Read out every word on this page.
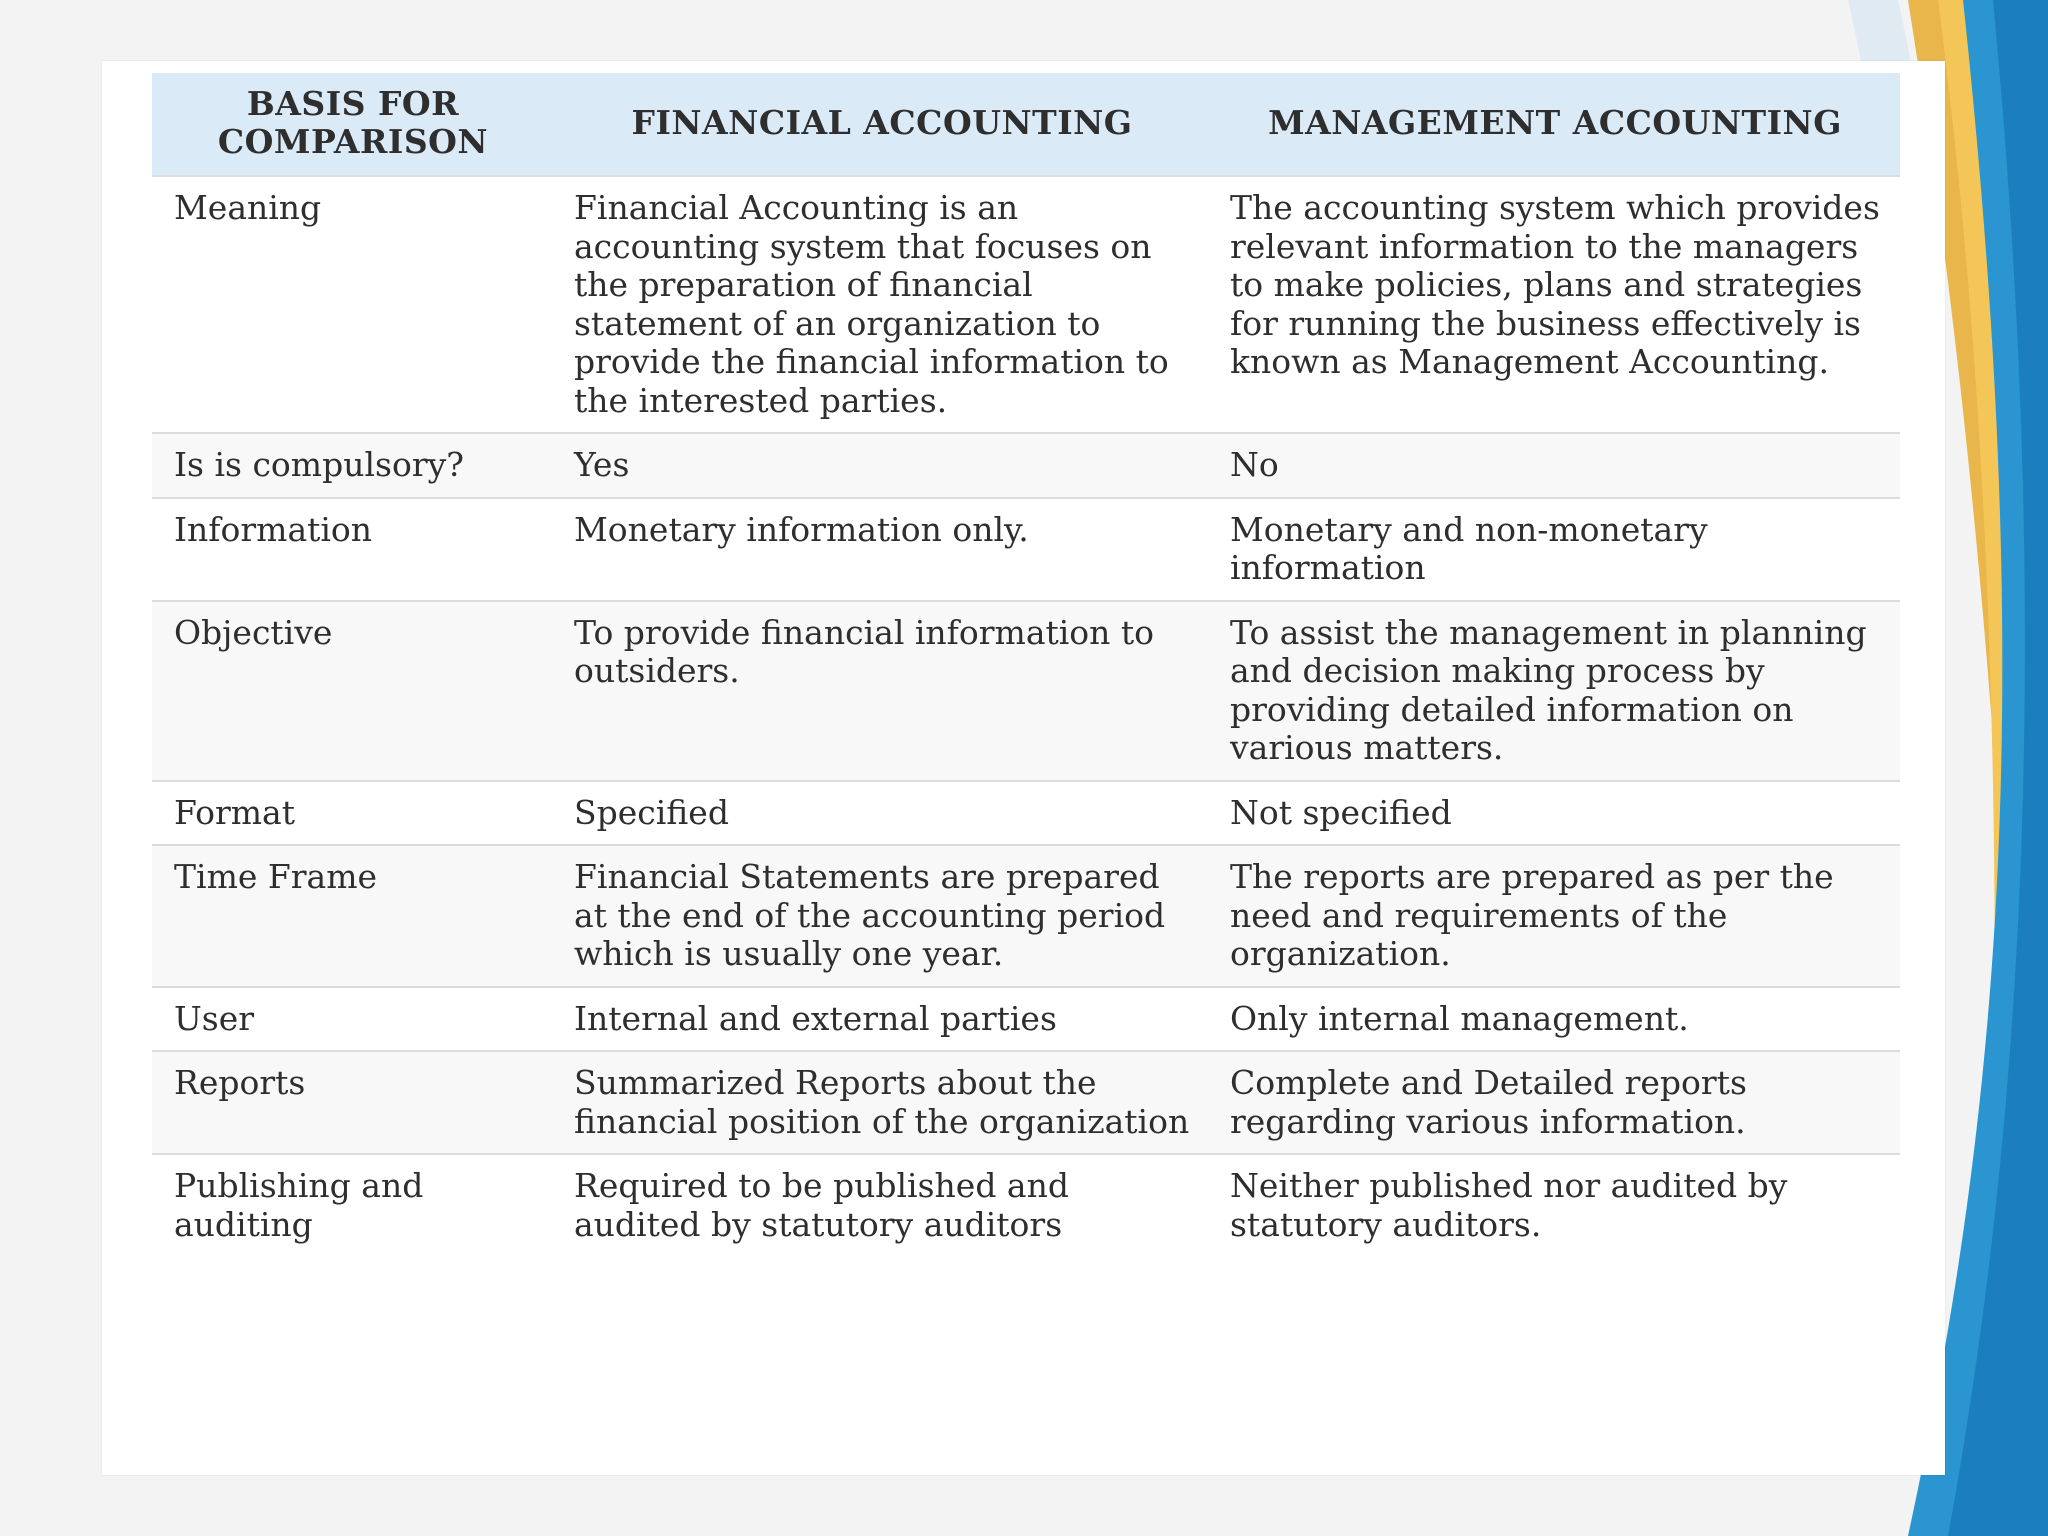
BASIS FOR COMPARISON	FINANCIAL ACCOUNTING	MANAGEMENT ACCOUNTING
Meaning	Financial Accounting is an accounting system that focuses on the preparation of financial statement of an organization to provide the financial information to the interested parties.	The accounting system which provides relevant information to the managers to make policies, plans and strategies for running the business effectively is known as Management Accounting.
Is is compulsory?	Yes	No
Information	Monetary information only.	Monetary and non-monetary information
Objective	To provide financial information to outsiders.	To assist the management in planning and decision making process by providing detailed information on various matters.
Format	Specified	Not specified
Time Frame	Financial Statements are prepared at the end of the accounting period which is usually one year.	The reports are prepared as per the need and requirements of the organization.
User	Internal and external parties	Only internal management.
Reports	Summarized Reports about the financial position of the organization	Complete and Detailed reports regarding various information.
Publishing and auditing	Required to be published and audited by statutory auditors	Neither published nor audited by statutory auditors.
